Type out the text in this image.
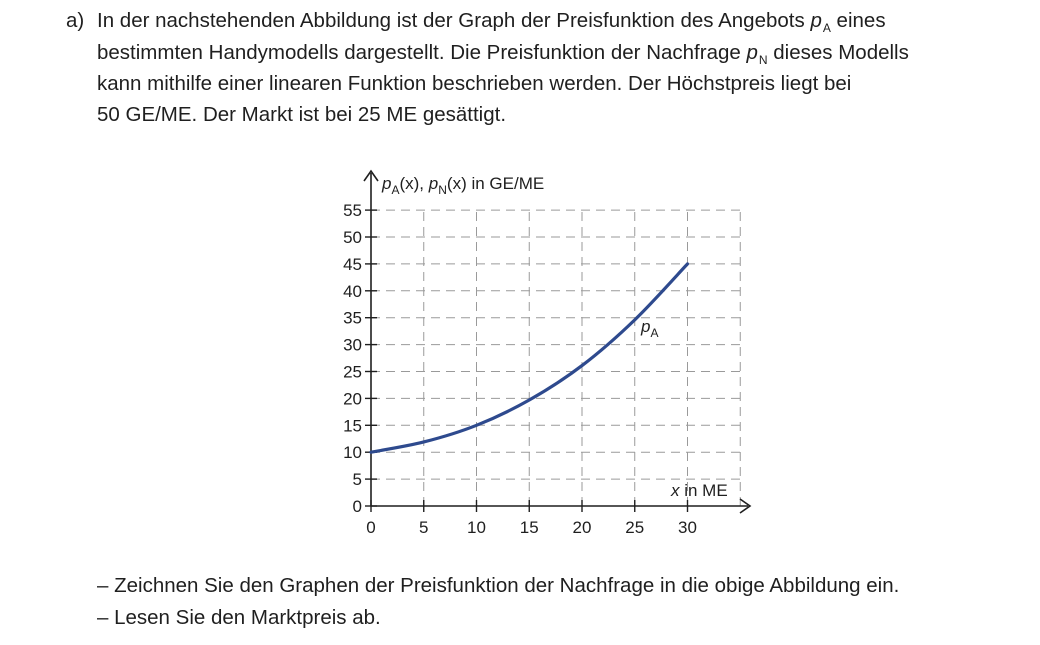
a) In der nachstehenden Abbildung ist der Graph der Preisfunktion des Angebots $p_A$ eines
bestimmten Handymodells dargestellt. Die Preisfunktion der Nachfrage $p_N$ dieses Modells
kann mithilfe einer linearen Funktion beschrieben werden. Der Höchstpreis liegt bei
50 GE/ME. Der Markt ist bei 25 ME gesättigt.
0
5
10
15
20
25
30
35
40
45
50
55
0	5 10 15 20 25 30
$p_A(x)$, $p_N(x)$ in GE/ME
x in ME
$p_A$
– Zeichnen Sie den Graphen der Preisfunktion der Nachfrage in die obige Abbildung ein.
– Lesen Sie den Marktpreis ab.
